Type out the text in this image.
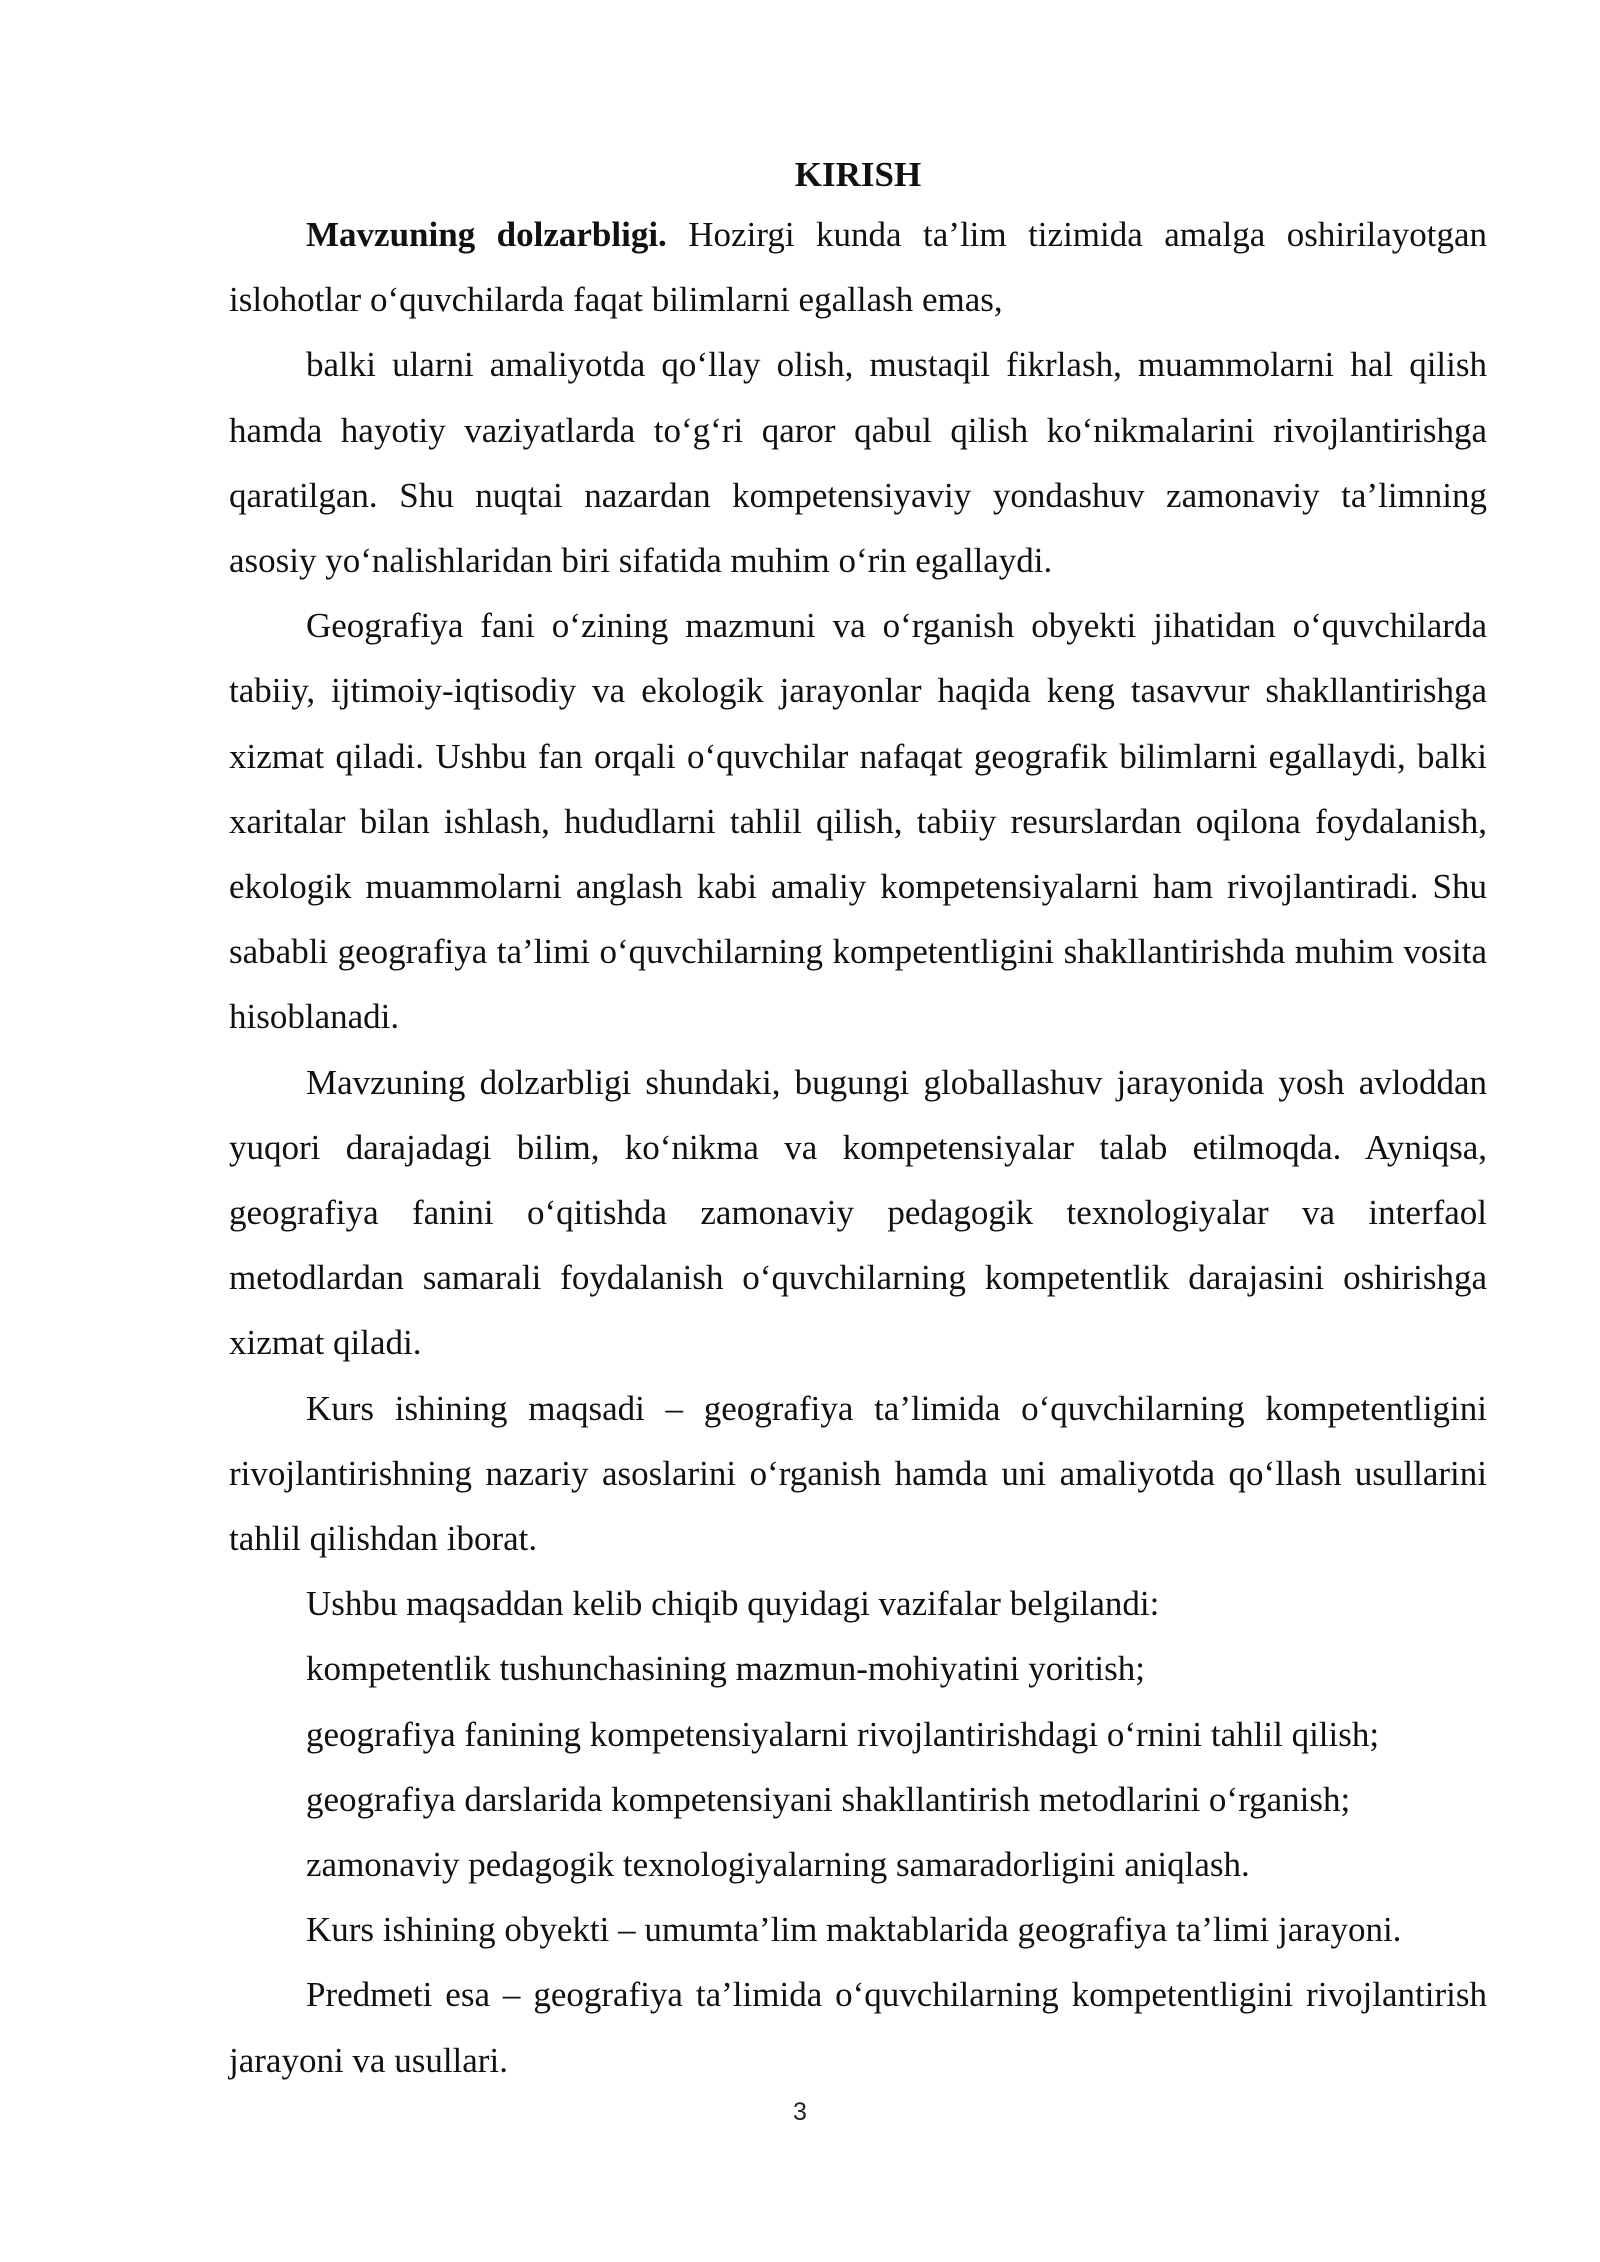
KIRISH

Mavzuning dolzarbligi. Hozirgi kunda ta’lim tizimida amalga oshirilayotgan islohotlar o‘quvchilarda faqat bilimlarni egallash emas,

balki ularni amaliyotda qo‘llay olish, mustaqil fikrlash, muammolarni hal qilish hamda hayotiy vaziyatlarda to‘g‘ri qaror qabul qilish ko‘nikmalarini rivojlantirishga qaratilgan. Shu nuqtai nazardan kompetensiyaviy yondashuv zamonaviy ta’limning asosiy yo‘nalishlaridan biri sifatida muhim o‘rin egallaydi.

Geografiya fani o‘zining mazmuni va o‘rganish obyekti jihatidan o‘quvchilarda tabiiy, ijtimoiy-iqtisodiy va ekologik jarayonlar haqida keng tasavvur shakllantirishga xizmat qiladi. Ushbu fan orqali o‘quvchilar nafaqat geografik bilimlarni egallaydi, balki xaritalar bilan ishlash, hududlarni tahlil qilish, tabiiy resurslardan oqilona foydalanish, ekologik muammolarni anglash kabi amaliy kompetensiyalarni ham rivojlantiradi. Shu sababli geografiya ta’limi o‘quvchilarning kompetentligini shakllantirishda muhim vosita hisoblanadi.

Mavzuning dolzarbligi shundaki, bugungi globallashuv jarayonida yosh avloddan yuqori darajadagi bilim, ko‘nikma va kompetensiyalar talab etilmoqda. Ayniqsa, geografiya fanini o‘qitishda zamonaviy pedagogik texnologiyalar va interfaol metodlardan samarali foydalanish o‘quvchilarning kompetentlik darajasini oshirishga xizmat qiladi.

Kurs ishining maqsadi – geografiya ta’limida o‘quvchilarning kompetentligini rivojlantirishning nazariy asoslarini o‘rganish hamda uni amaliyotda qo‘llash usullarini tahlil qilishdan iborat.

Ushbu maqsaddan kelib chiqib quyidagi vazifalar belgilandi:

kompetentlik tushunchasining mazmun-mohiyatini yoritish;

geografiya fanining kompetensiyalarni rivojlantirishdagi o‘rnini tahlil qilish;

geografiya darslarida kompetensiyani shakllantirish metodlarini o‘rganish;

zamonaviy pedagogik texnologiyalarning samaradorligini aniqlash.

Kurs ishining obyekti – umumta’lim maktablarida geografiya ta’limi jarayoni.

Predmeti esa – geografiya ta’limida o‘quvchilarning kompetentligini rivojlantirish jarayoni va usullari.

3
